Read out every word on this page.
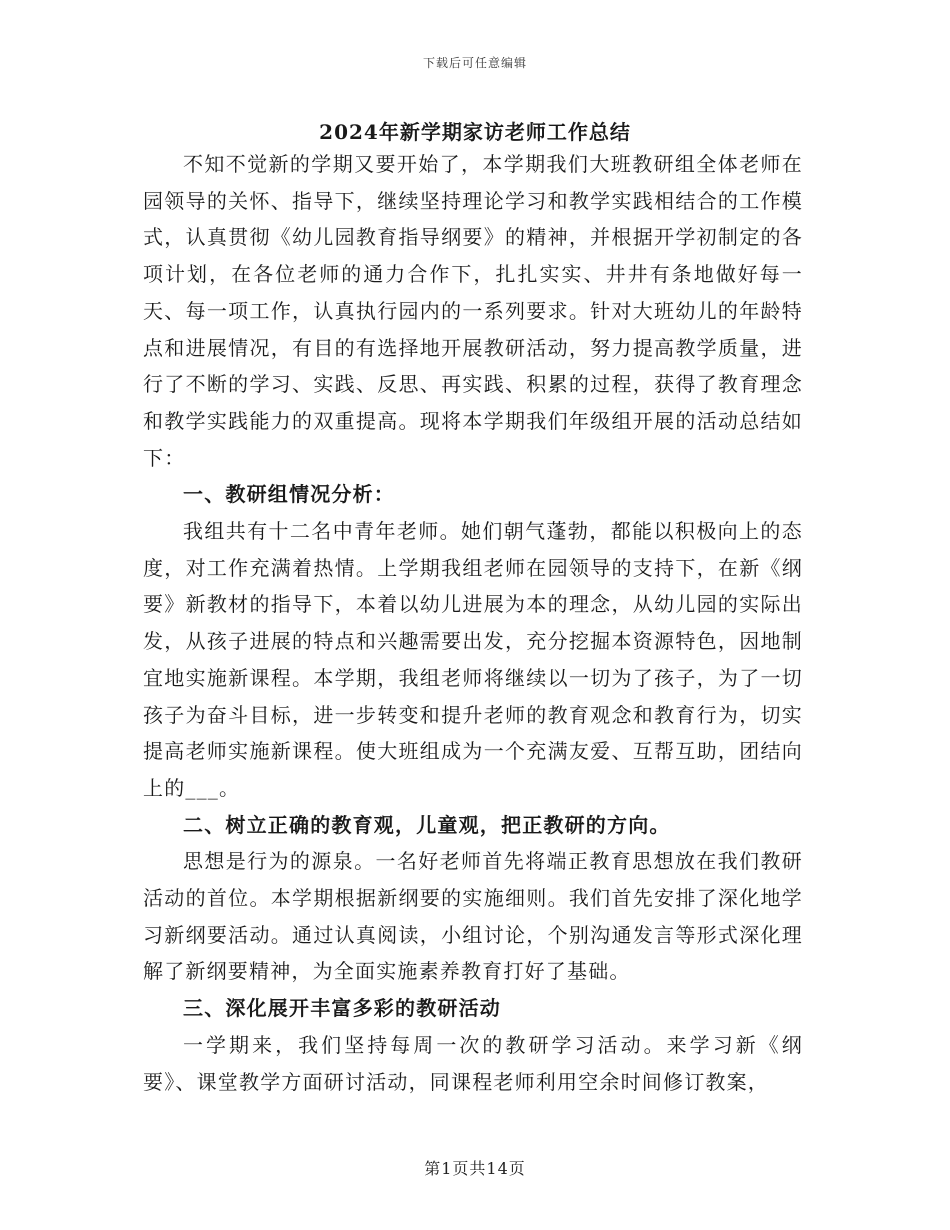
下载后可任意编辑
2024年新学期家访老师工作总结

不知不觉新的学期又要开始了，本学期我们大班教研组全体老师在园领导的关怀、指导下，继续坚持理论学习和教学实践相结合的工作模式，认真贯彻《幼儿园教育指导纲要》的精神，并根据开学初制定的各项计划，在各位老师的通力合作下，扎扎实实、井井有条地做好每一天、每一项工作，认真执行园内的一系列要求。针对大班幼儿的年龄特点和进展情况，有目的有选择地开展教研活动，努力提高教学质量，进行了不断的学习、实践、反思、再实践、积累的过程，获得了教育理念和教学实践能力的双重提高。现将本学期我们年级组开展的活动总结如下：

一、教研组情况分析：

我组共有十二名中青年老师。她们朝气蓬勃，都能以积极向上的态度，对工作充满着热情。上学期我组老师在园领导的支持下，在新《纲要》新教材的指导下，本着以幼儿进展为本的理念，从幼儿园的实际出发，从孩子进展的特点和兴趣需要出发，充分挖掘本资源特色，因地制宜地实施新课程。本学期，我组老师将继续以一切为了孩子，为了一切孩子为奋斗目标，进一步转变和提升老师的教育观念和教育行为，切实提高老师实施新课程。使大班组成为一个充满友爱、互帮互助，团结向上的___。

二、树立正确的教育观，儿童观，把正教研的方向。

思想是行为的源泉。一名好老师首先将端正教育思想放在我们教研活动的首位。本学期根据新纲要的实施细则。我们首先安排了深化地学习新纲要活动。通过认真阅读，小组讨论，个别沟通发言等形式深化理解了新纲要精神，为全面实施素养教育打好了基础。

三、深化展开丰富多彩的教研活动

一学期来，我们坚持每周一次的教研学习活动。来学习新《纲要》、课堂教学方面研讨活动，同课程老师利用空余时间修订教案，

第1页共14页
